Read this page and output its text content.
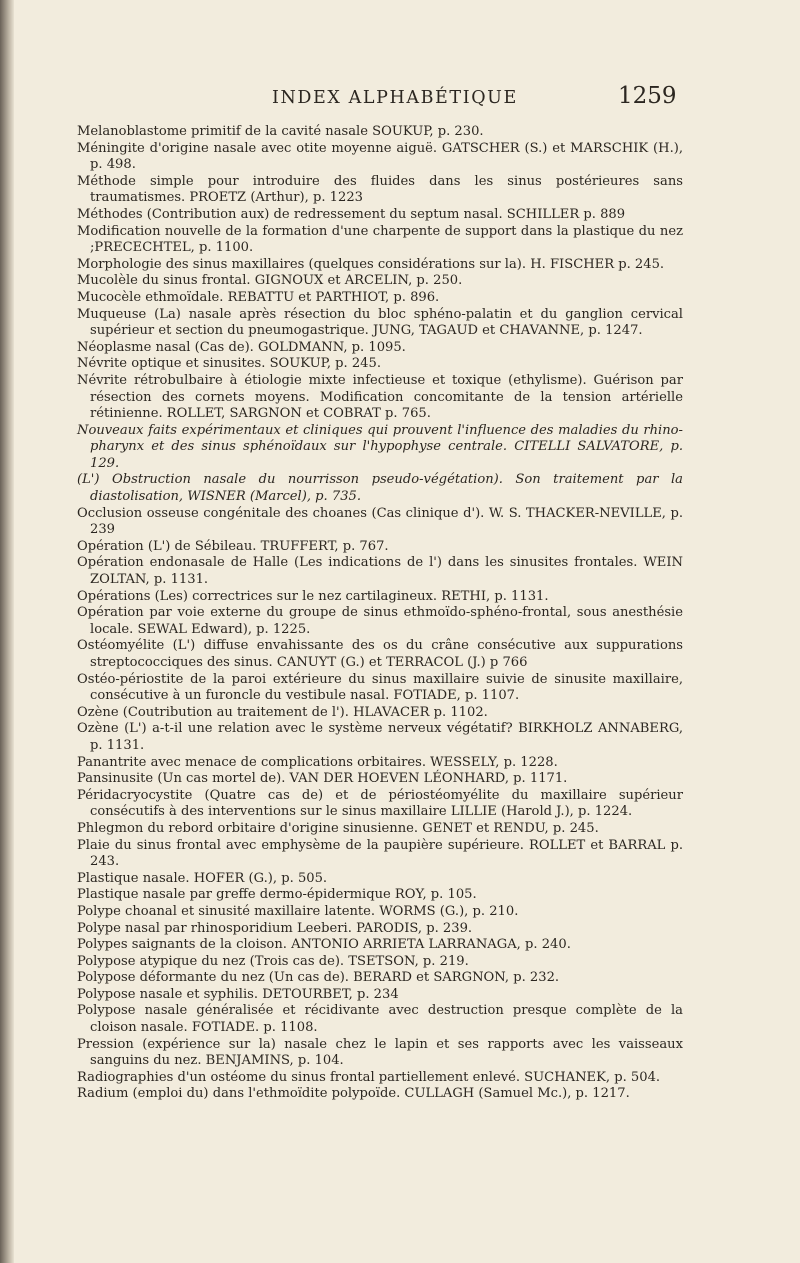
INDEX ALPHABÉTIQUE	1259

Melanoblastome primitif de la cavité nasale SOUKUP, p. 230.

Méningite d'origine nasale avec otite moyenne aiguë. GATSCHER (S.) et MARSCHIK (H.), p. 498.

Méthode simple pour introduire des fluides dans les sinus postérieures sans traumatismes. PROETZ (Arthur), p. 1223

Méthodes (Contribution aux) de redressement du septum nasal. SCHILLER p. 889

Modification nouvelle de la formation d'une charpente de support dans la plastique du nez ;PRECECHTEL, p. 1100.

Morphologie des sinus maxillaires (quelques considérations sur la). H. FISCHER p. 245.

Mucolèle du sinus frontal. GIGNOUX et ARCELIN, p. 250.

Mucocèle ethmoïdale. REBATTU et PARTHIOT, p. 896.

Muqueuse (La) nasale après résection du bloc sphéno-palatin et du ganglion cervical supérieur et section du pneumogastrique. JUNG, TAGAUD et CHAVANNE, p. 1247.

Néoplasme nasal (Cas de). GOLDMANN, p. 1095.

Névrite optique et sinusites. SOUKUP, p. 245.

Névrite rétrobulbaire à étiologie mixte infectieuse et toxique (ethylisme). Guérison par résection des cornets moyens. Modification concomitante de la tension artérielle rétinienne. ROLLET, SARGNON et COBRAT p. 765.

Nouveaux faits expérimentaux et cliniques qui prouvent l'influence des maladies du rhino-pharynx et des sinus sphénoïdaux sur l'hypophyse centrale. CITELLI SALVATORE, p. 129.

(L') Obstruction nasale du nourrisson pseudo-végétation). Son traitement par la diastolisation, WISNER (Marcel), p. 735.

Occlusion osseuse congénitale des choanes (Cas clinique d'). W. S. THACKER-NEVILLE, p. 239

Opération (L') de Sébileau. TRUFFERT, p. 767.

Opération endonasale de Halle (Les indications de l') dans les sinusites frontales. WEIN ZOLTAN, p. 1131.

Opérations (Les) correctrices sur le nez cartilagineux. RETHI, p. 1131.

Opération par voie externe du groupe de sinus ethmoïdo-sphéno-frontal, sous anesthésie locale. SEWAL Edward), p. 1225.

Ostéomyélite (L') diffuse envahissante des os du crâne consécutive aux suppurations streptococciques des sinus. CANUYT (G.) et TERRACOL (J.) p 766

Ostéo-périostite de la paroi extérieure du sinus maxillaire suivie de sinusite maxillaire, consécutive à un furoncle du vestibule nasal. FOTIADE, p. 1107.

Ozène (Coutribution au traitement de l'). HLAVACER p. 1102.

Ozène (L') a-t-il une relation avec le système nerveux végétatif? BIRKHOLZ ANNABERG, p. 1131.

Panantrite avec menace de complications orbitaires. WESSELY, p. 1228.

Pansinusite (Un cas mortel de). VAN DER HOEVEN LÉONHARD, p. 1171.

Péridacryocystite (Quatre cas de) et de périostéomyélite du maxillaire supérieur consécutifs à des interventions sur le sinus maxillaire LILLIE (Harold J.), p. 1224.

Phlegmon du rebord orbitaire d'origine sinusienne. GENET et RENDU, p. 245.

Plaie du sinus frontal avec emphysème de la paupière supérieure. ROLLET et BARRAL p. 243.

Plastique nasale. HOFER (G.), p. 505.

Plastique nasale par greffe dermo-épidermique ROY, p. 105.

Polype choanal et sinusité maxillaire latente. WORMS (G.), p. 210.

Polype nasal par rhinosporidium Leeberi. PARODIS, p. 239.

Polypes saignants de la cloison. ANTONIO ARRIETA LARRANAGA, p. 240.

Polypose atypique du nez (Trois cas de). TSETSON, p. 219.

Polypose déformante du nez (Un cas de). BERARD et SARGNON, p. 232.

Polypose nasale et syphilis. DETOURBET, p. 234

Polypose nasale généralisée et récidivante avec destruction presque complète de la cloison nasale. FOTIADE. p. 1108.

Pression (expérience sur la) nasale chez le lapin et ses rapports avec les vaisseaux sanguins du nez. BENJAMINS, p. 104.

Radiographies d'un ostéome du sinus frontal partiellement enlevé. SUCHANEK, p. 504.

Radium (emploi du) dans l'ethmoïdite polypoïde. CULLAGH (Samuel Mc.), p. 1217.
